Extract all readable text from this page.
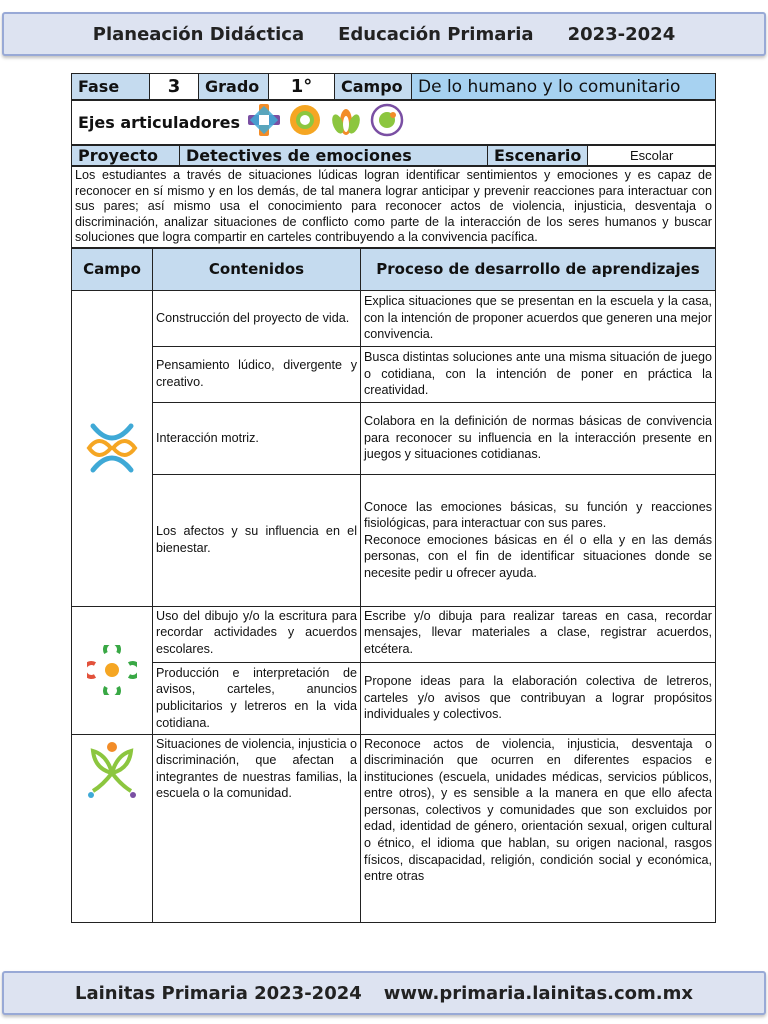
Planeación Didáctica Educación Primaria 2023-2024
Fase	3	Grado	1°	Campo	De lo humano y lo comunitario
Ejes articuladores
Proyecto	Detectives de emociones	Escenario	Escolar
Los estudiantes a través de situaciones lúdicas logran identificar sentimientos y emociones y es capaz de reconocer en sí mismo y en los demás, de tal manera lograr anticipar y prevenir reacciones para interactuar con sus pares; así mismo usa el conocimiento para reconocer actos de violencia, injusticia, desventaja o discriminación, analizar situaciones de conflicto como parte de la interacción de los seres humanos y buscar soluciones que logra compartir en carteles contribuyendo a la convivencia pacífica.
Campo	Contenidos	Proceso de desarrollo de aprendizajes

	Construcción del proyecto de vida.	Explica situaciones que se presentan en la escuela y la casa, con la intención de proponer acuerdos que generen una mejor convivencia.
	Pensamiento lúdico, divergente y creativo.	Busca distintas soluciones ante una misma situación de juego o cotidiana, con la intención de poner en práctica la creatividad.
	Interacción motriz.	Colabora en la definición de normas básicas de convivencia para reconocer su influencia en la interacción presente en juegos y situaciones cotidianas.
	Los afectos y su influencia en el bienestar.	Conoce las emociones básicas, su función y reacciones fisiológicas, para interactuar con sus pares.
Reconoce emociones básicas en él o ella y en las demás personas, con el fin de identificar situaciones donde se necesite pedir u ofrecer ayuda.

	Uso del dibujo y/o la escritura para recordar actividades y acuerdos escolares.	Escribe y/o dibuja para realizar tareas en casa, recordar mensajes, llevar materiales a clase, registrar acuerdos, etcétera.
	Producción e interpretación de avisos, carteles, anuncios publicitarios y letreros en la vida cotidiana.	Propone ideas para la elaboración colectiva de letreros, carteles y/o avisos que contribuyan a lograr propósitos individuales y colectivos.

	Situaciones de violencia, injusticia o discriminación, que afectan a integrantes de nuestras familias, la escuela o la comunidad.	Reconoce actos de violencia, injusticia, desventaja o discriminación que ocurren en diferentes espacios e instituciones (escuela, unidades médicas, servicios públicos, entre otros), y es sensible a la manera en que ello afecta personas, colectivos y comunidades que son excluidos por edad, identidad de género, orientación sexual, origen cultural o étnico, el idioma que hablan, su origen nacional, rasgos físicos, discapacidad, religión, condición social y económica, entre otras
Lainitas Primaria 2023-2024 www.primaria.lainitas.com.mx
